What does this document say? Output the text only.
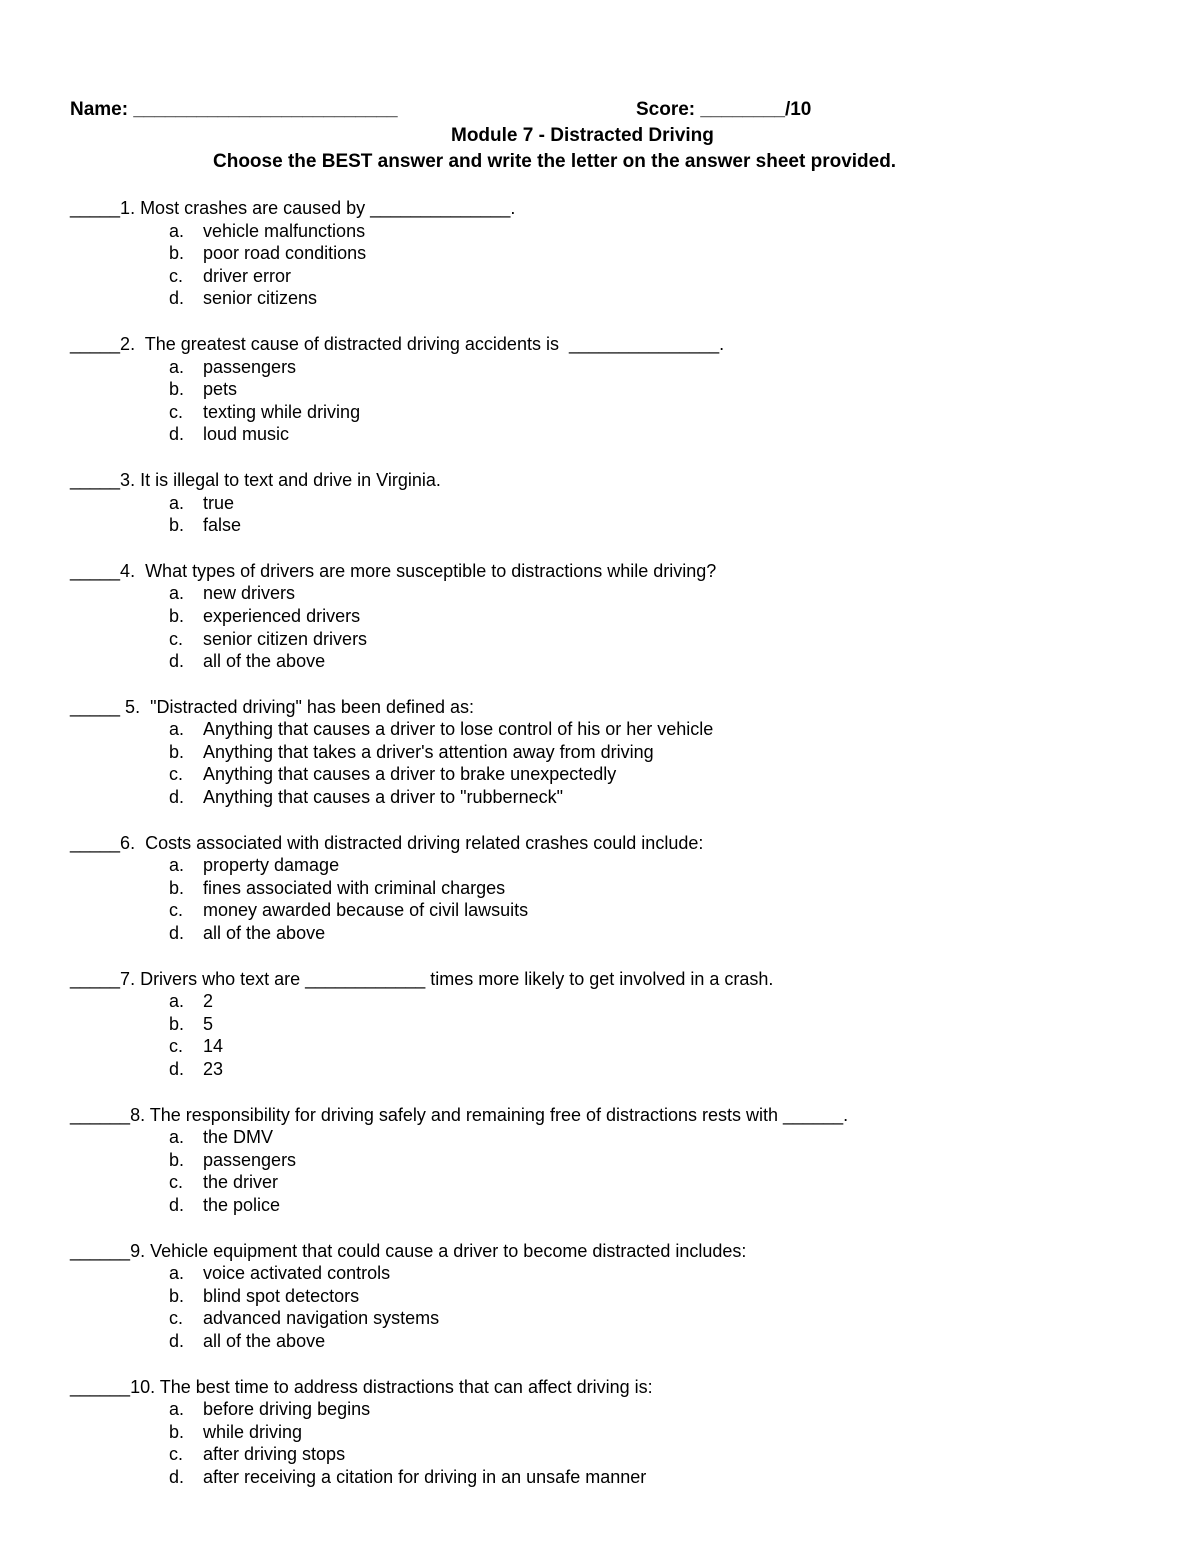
Name: _________________________	Score: ________/10
Module 7 - Distracted Driving
Choose the BEST answer and write the letter on the answer sheet provided.
_____1. Most crashes are caused by ______________.
a. vehicle malfunctions
b. poor road conditions
c. driver error
d. senior citizens
_____2.  The greatest cause of distracted driving accidents is  _______________.
a. passengers
b. pets
c. texting while driving
d. loud music
_____3. It is illegal to text and drive in Virginia.
a. true
b. false
_____4.  What types of drivers are more susceptible to distractions while driving?
a. new drivers
b. experienced drivers
c. senior citizen drivers
d. all of the above
_____ 5.  "Distracted driving" has been defined as:
a. Anything that causes a driver to lose control of his or her vehicle
b. Anything that takes a driver's attention away from driving
c. Anything that causes a driver to brake unexpectedly
d. Anything that causes a driver to "rubberneck"
_____6.  Costs associated with distracted driving related crashes could include:
a. property damage
b. fines associated with criminal charges
c. money awarded because of civil lawsuits
d. all of the above
_____7. Drivers who text are ____________ times more likely to get involved in a crash.
a. 2
b. 5
c. 14
d. 23
______8. The responsibility for driving safely and remaining free of distractions rests with ______.
a. the DMV
b. passengers
c. the driver
d. the police
______9. Vehicle equipment that could cause a driver to become distracted includes:
a. voice activated controls
b. blind spot detectors
c. advanced navigation systems
d. all of the above
______10. The best time to address distractions that can affect driving is:
a. before driving begins
b. while driving
c. after driving stops
d. after receiving a citation for driving in an unsafe manner
